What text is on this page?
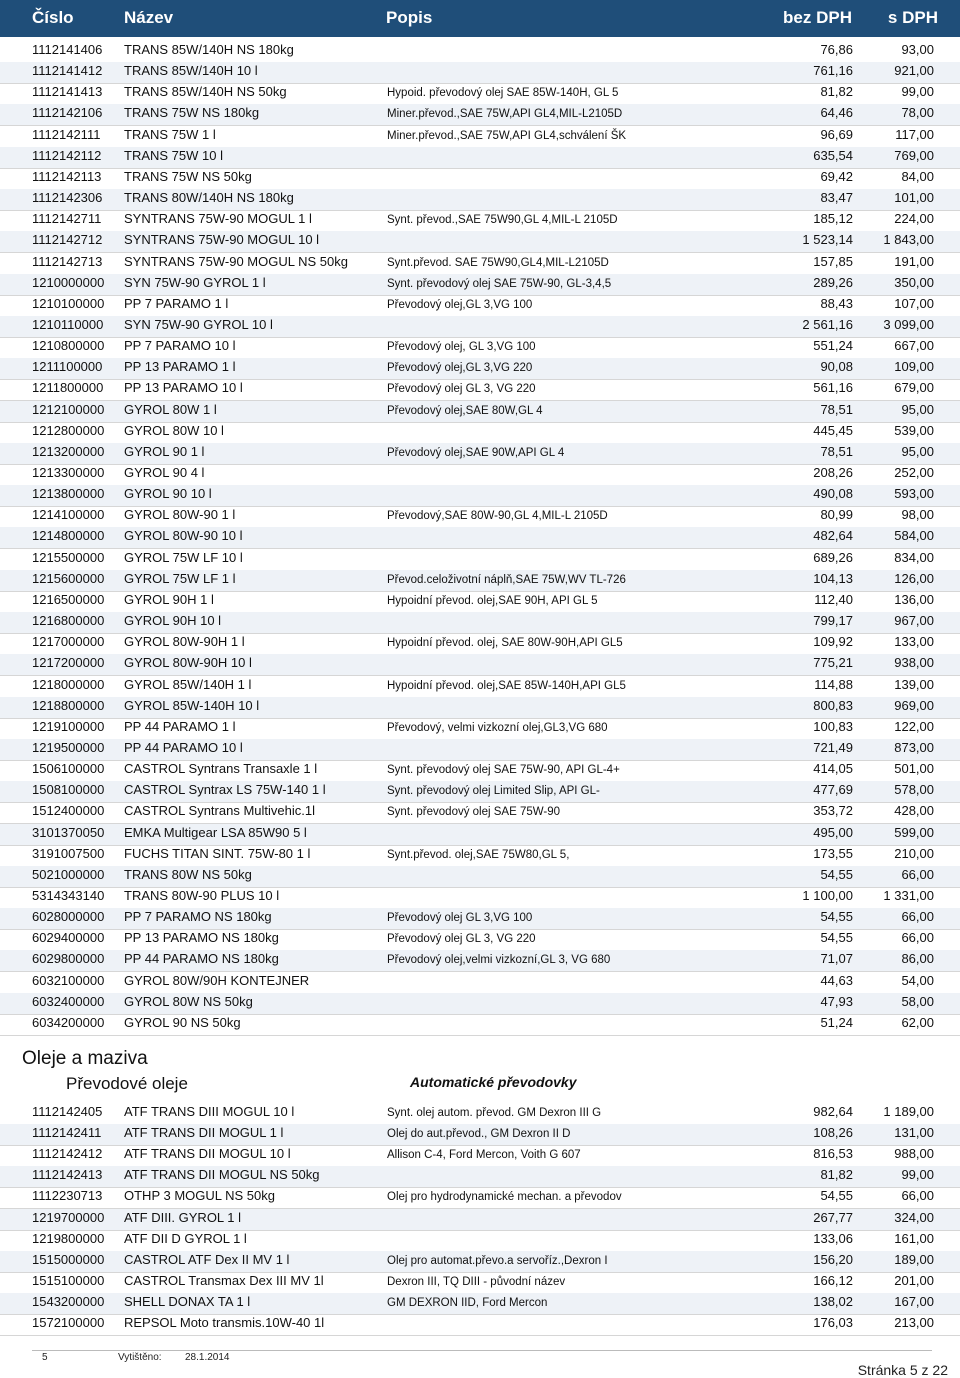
Číslo	Název	Popis	bez DPH s DPH
1112141406	TRANS 85W/140H NS 180kg	76,86	93,00
1112141412	TRANS 85W/140H 10 l	761,16	921,00
1112141413	TRANS 85W/140H NS 50kg	Hypoid. převodový olej SAE 85W-140H, GL 5	81,82	99,00
1112142106	TRANS 75W NS 180kg	Miner.převod.,SAE 75W,API GL4,MIL-L2105D	64,46	78,00
1112142111	TRANS 75W 1 l	Miner.převod.,SAE 75W,API GL4,schválení ŠK	96,69	117,00
1112142112	TRANS 75W 10 l	635,54	769,00
1112142113	TRANS 75W NS 50kg	69,42	84,00
1112142306	TRANS 80W/140H NS 180kg	83,47	101,00
1112142711	SYNTRANS 75W-90 MOGUL 1 l	Synt. převod.,SAE 75W90,GL 4,MIL-L 2105D	185,12	224,00
1112142712	SYNTRANS 75W-90 MOGUL 10 l	1 523,14	1 843,00
1112142713	SYNTRANS 75W-90 MOGUL NS 50kg	Synt.převod. SAE 75W90,GL4,MIL-L2105D	157,85	191,00
1210000000	SYN 75W-90 GYROL 1 l	Synt. převodový olej SAE 75W-90, GL-3,4,5	289,26	350,00
1210100000	PP 7 PARAMO 1 l	Převodový olej,GL 3,VG 100	88,43	107,00
1210110000	SYN 75W-90 GYROL 10 l	2 561,16	3 099,00
1210800000	PP 7 PARAMO 10 l	Převodový olej, GL 3,VG 100	551,24	667,00
1211100000	PP 13 PARAMO 1 l	Převodový olej,GL 3,VG 220	90,08	109,00
1211800000	PP 13 PARAMO 10 l	Převodový olej GL 3, VG 220	561,16	679,00
1212100000	GYROL 80W 1 l	Převodový olej,SAE 80W,GL 4	78,51	95,00
1212800000	GYROL 80W 10 l	445,45	539,00
1213200000	GYROL 90 1 l	Převodový olej,SAE 90W,API GL 4	78,51	95,00
1213300000	GYROL 90 4 l	208,26	252,00
1213800000	GYROL 90 10 l	490,08	593,00
1214100000	GYROL 80W-90 1 l	Převodový,SAE 80W-90,GL 4,MIL-L 2105D	80,99	98,00
1214800000	GYROL 80W-90 10 l	482,64	584,00
1215500000	GYROL 75W LF 10 l	689,26	834,00
1215600000	GYROL 75W LF 1 l	Převod.celoživotní náplň,SAE 75W,WV TL-726	104,13	126,00
1216500000	GYROL 90H 1 l	Hypoidní převod. olej,SAE 90H, API GL 5	112,40	136,00
1216800000	GYROL 90H 10 l	799,17	967,00
1217000000	GYROL 80W-90H 1 l	Hypoidní převod. olej, SAE 80W-90H,API GL5	109,92	133,00
1217200000	GYROL 80W-90H 10 l	775,21	938,00
1218000000	GYROL 85W/140H 1 l	Hypoidní převod. olej,SAE 85W-140H,API GL5	114,88	139,00
1218800000	GYROL 85W-140H 10 l	800,83	969,00
1219100000	PP 44 PARAMO 1 l	Převodový, velmi vizkozní olej,GL3,VG 680	100,83	122,00
1219500000	PP 44 PARAMO 10 l	721,49	873,00
1506100000	CASTROL Syntrans Transaxle 1 l	Synt. převodový olej SAE 75W-90, API GL-4+	414,05	501,00
1508100000	CASTROL Syntrax LS 75W-140 1 l	Synt. převodový olej Limited Slip, API GL-	477,69	578,00
1512400000	CASTROL Syntrans Multivehic.1l	Synt. převodový olej SAE 75W-90	353,72	428,00
3101370050	EMKA Multigear LSA 85W90 5 l	495,00	599,00
3191007500	FUCHS TITAN SINT. 75W-80 1 l	Synt.převod. olej,SAE 75W80,GL 5,	173,55	210,00
5021000000	TRANS 80W NS 50kg	54,55	66,00
5314343140	TRANS 80W-90 PLUS 10 l	1 100,00	1 331,00
6028000000	PP 7 PARAMO NS 180kg	Převodový olej GL 3,VG 100	54,55	66,00
6029400000	PP 13 PARAMO NS 180kg	Převodový olej GL 3, VG 220	54,55	66,00
6029800000	PP 44 PARAMO NS 180kg	Převodový olej,velmi vizkozní,GL 3, VG 680	71,07	86,00
6032100000	GYROL 80W/90H KONTEJNER	44,63	54,00
6032400000	GYROL 80W NS 50kg	47,93	58,00
6034200000	GYROL 90 NS 50kg	51,24	62,00
Oleje a maziva
Převodové oleje	Automatické převodovky
1112142405	ATF TRANS DIII MOGUL 10 l	Synt. olej autom. převod. GM Dexron III G	982,64	1 189,00
1112142411	ATF TRANS DII MOGUL 1 l	Olej do aut.převod., GM Dexron II D	108,26	131,00
1112142412	ATF TRANS DII MOGUL 10 l	Allison C-4, Ford Mercon, Voith G 607	816,53	988,00
1112142413	ATF TRANS DII MOGUL NS 50kg	81,82	99,00
1112230713	OTHP 3 MOGUL NS 50kg	Olej pro hydrodynamické mechan. a převodov	54,55	66,00
1219700000	ATF DIII. GYROL 1 l	267,77	324,00
1219800000	ATF DII D GYROL 1 l	133,06	161,00
1515000000	CASTROL ATF Dex II MV 1 l	Olej pro automat.převo.a servoříz.,Dexron I	156,20	189,00
1515100000	CASTROL Transmax Dex III MV 1l	Dexron III, TQ DIII - původní název	166,12	201,00
1543200000	SHELL DONAX TA 1 l	GM DEXRON IID, Ford Mercon	138,02	167,00
1572100000	REPSOL Moto transmis.10W-40 1l	176,03	213,00
5	Vytištěno: 28.1.2014
Stránka 5 z 22
